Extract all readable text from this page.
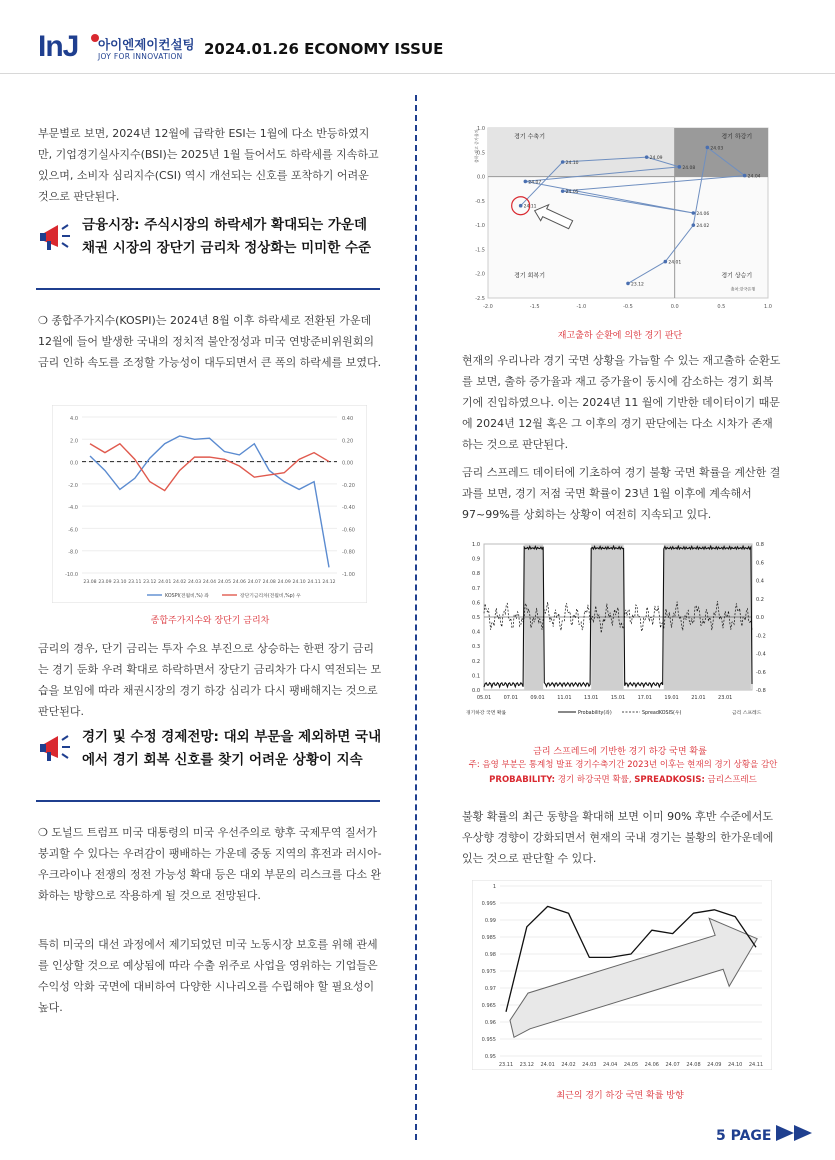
InJ 아이엔제이컨설팅
JOY FOR INNOVATION 2024.01.26 ECONOMY ISSUE
부문별로 보면, 2024년 12월에 급락한 ESI는 1월에 다소 반등하였지만, 기업경기실사지수(BSI)는 2025년 1월 들어서도 하락세를 지속하고 있으며, 소비자 심리지수(CSI) 역시 개선되는 신호를 포착하기 어려운 것으로 판단된다.
금융시장: 주식시장의 하락세가 확대되는 가운데 채권 시장의 장단기 금리차 정상화는 미미한 수준
❍ 종합주가지수(KOSPI)는 2024년 8월 이후 하락세로 전환된 가운데 12월에 들어 발생한 국내의 정치적 불안정성과 미국 연방준비위원회의 금리 인하 속도를 조정할 가능성이 대두되면서 큰 폭의 하락세를 보였다.
4.0
2.0
0.0
-2.0
-4.0
-6.0
-8.0
-10.0
0.40
0.20
0.00
-0.20
-0.40
-0.60
-0.80
-1.00
23.08 23.09 23.10 23.11 23.12 24.01 24.02 24.03 24.04 24.05 24.06 24.07 24.08 24.09 24.10 24.11 24.12
KOSPI(전월비,%) 좌	장단기금리차(전월비,%p) 우
종합주가지수와 장단기 금리차
금리의 경우, 단기 금리는 투자 수요 부진으로 상승하는 한편 장기 금리는 경기 둔화 우려 확대로 하락하면서 장단기 금리차가 다시 역전되는 모습을 보임에 따라 채권시장의 경기 하강 심리가 다시 팽배해지는 것으로 판단된다.
경기 및 수정 경제전망: 대외 부문을 제외하면 국내에서 경기 회복 신호를 찾기 어려운 상황이 지속
❍ 도널드 트럼프 미국 대통령의 미국 우선주의로 향후 국제무역 질서가 붕괴할 수 있다는 우려감이 팽배하는 가운데 중동 지역의 휴전과 러시아-우크라이나 전쟁의 정전 가능성 확대 등은 대외 부문의 리스크를 다소 완화하는 방향으로 작용하게 될 것으로 전망된다.
특히 미국의 대선 과정에서 제기되었던 미국 노동시장 보호를 위해 관세를 인상할 것으로 예상됨에 따라 수출 위주로 사업을 영위하는 기업들은 수익성 악화 국면에 대비하여 다양한 시나리오를 수립해야 할 필요성이 높다.
-2.0	-1.5	-1.0	-0.5	0.0	0.5	1.0
1.0
0.5
0.0
-0.5
-1.0
-1.5
-2.0
-2.5
출하-재고 증가율차	경기 수축기	경기 하강기
경기 회복기	경기 상승기
출처:한국은행
23.12
24.01
24.02
24.03
24.04
24.05
24.06
24.07
24.08
24.09
24.10
24.11
재고출하 순환에 의한 경기 판단
현재의 우리나라 경기 국면 상황을 가늠할 수 있는 재고출하 순환도를 보면, 출하 증가율과 재고 증가율이 동시에 감소하는 경기 회복기에 진입하였으나. 이는 2024년 11 월에 기반한 데이터이기 때문에 2024년 12월 혹은 그 이후의 경기 판단에는 다소 시차가 존재하는 것으로 판단된다.
금리 스프레드 데이터에 기초하여 경기 불황 국면 확률을 계산한 결과를 보면, 경기 저점 국면 확률이 23년 1월 이후에 계속해서 97~99%를 상회하는 상황이 여전히 지속되고 있다.
1.0
0.9
0.8
0.7
0.6
0.5
0.4
0.3
0.2
0.1
0.0
0.8
0.6
0.4
0.2
0.0
-0.2
-0.4
-0.6
-0.8
05.01 07.01 09.01 11.01 13.01 15.01 17.01 19.01 21.01 23.01
경기하강 국면 확률	Probability(좌)	SpreadKOSIS(우)	금리 스프레드
금리 스프레드에 기반한 경기 하강 국면 확률
주: 음영 부분은 통계청 발표 경기수축기간 2023년 이후는 현재의 경기 상황을 감안
PROBABILITY: 경기 하강국면 확률, SPREADKOSIS: 금리스프레드
불황 확률의 최근 동향을 확대해 보면 이미 90% 후반 수준에서도 우상향 경향이 강화되면서 현재의 국내 경기는 불황의 한가운데에 있는 것으로 판단할 수 있다.
1
0.995
0.99
0.985
0.98
0.975
0.97
0.965
0.96
0.955
0.95
23.11 23.12 24.01 24.02 24.03 24.04 24.05 24.06 24.07 24.08 24.09 24.10 24.11
최근의 경기 하강 국면 확률 방향
5 PAGE
